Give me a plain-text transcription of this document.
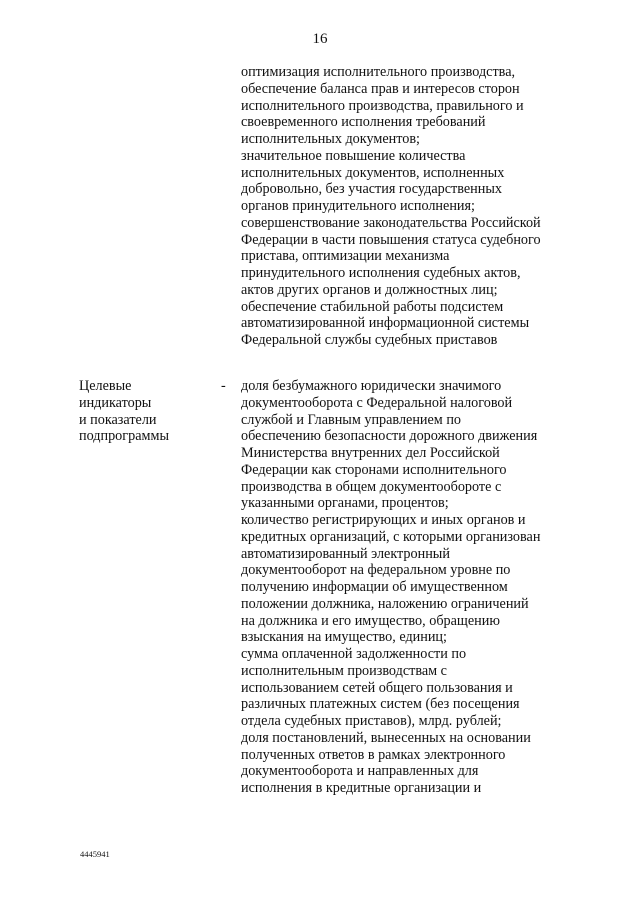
16
оптимизация исполнительного производства,
обеспечение баланса прав и интересов сторон
исполнительного производства, правильного и
своевременного исполнения требований
исполнительных документов;
значительное повышение количества
исполнительных документов, исполненных
добровольно, без участия государственных
органов принудительного исполнения;
совершенствование законодательства Российской
Федерации в части повышения статуса судебного
пристава, оптимизации механизма
принудительного исполнения судебных актов,
актов других органов и должностных лиц;
обеспечение стабильной работы подсистем
автоматизированной информационной системы
Федеральной службы судебных приставов
Целевые
индикаторы
и показатели
подпрограммы
- доля безбумажного юридически значимого
документооборота с Федеральной налоговой
службой и Главным управлением по
обеспечению безопасности дорожного движения
Министерства внутренних дел Российской
Федерации как сторонами исполнительного
производства в общем документообороте с
указанными органами, процентов;
количество регистрирующих и иных органов и
кредитных организаций, с которыми организован
автоматизированный электронный
документооборот на федеральном уровне по
получению информации об имущественном
положении должника, наложению ограничений
на должника и его имущество, обращению
взыскания на имущество, единиц;
сумма оплаченной задолженности по
исполнительным производствам с
использованием сетей общего пользования и
различных платежных систем (без посещения
отдела судебных приставов), млрд. рублей;
доля постановлений, вынесенных на основании
полученных ответов в рамках электронного
документооборота и направленных для
исполнения в кредитные организации и
4445941
